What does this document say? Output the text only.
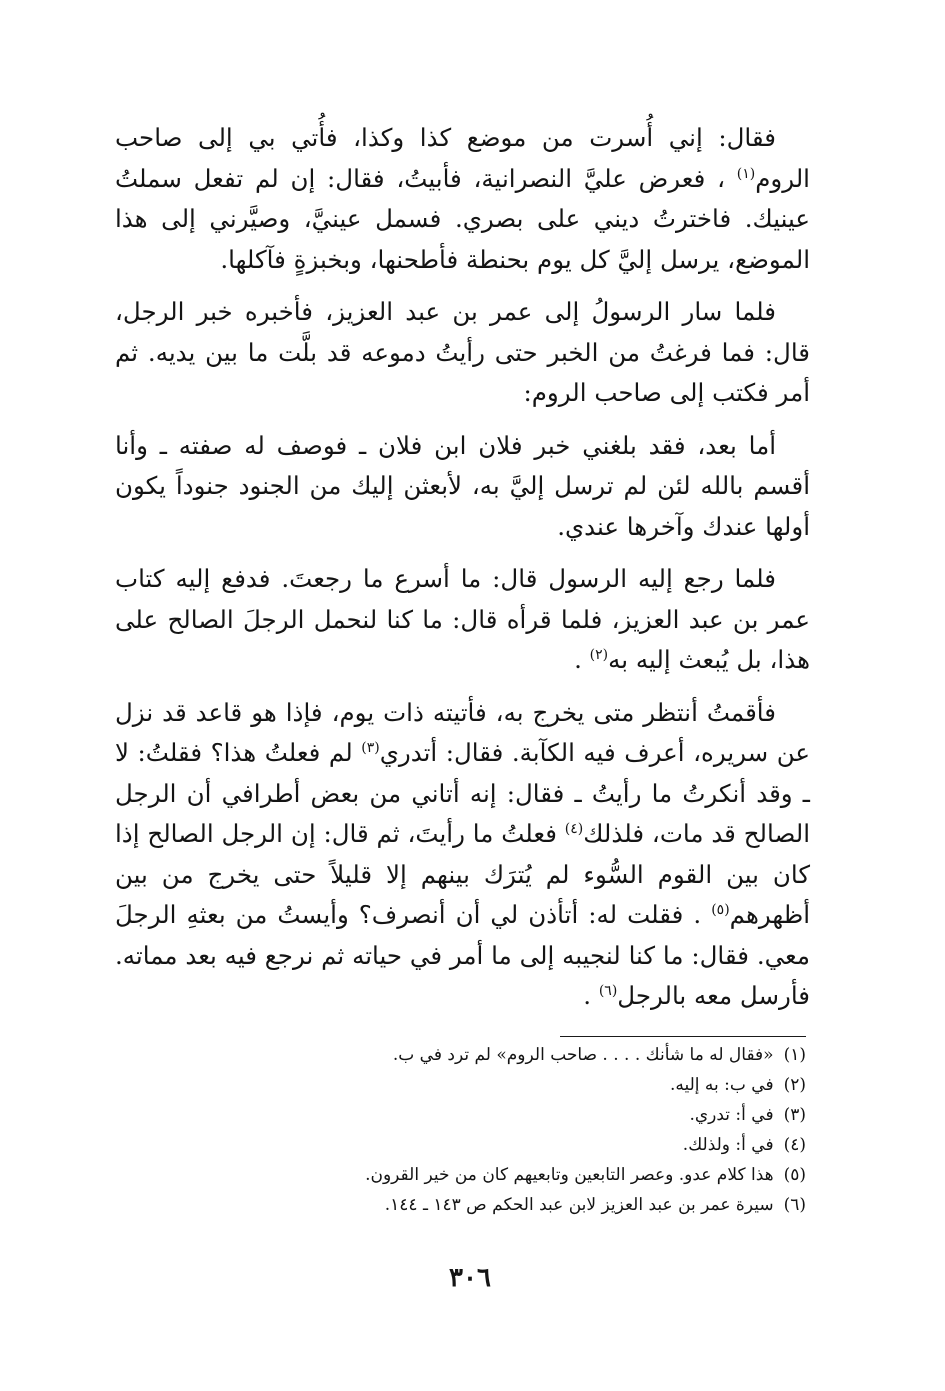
فقال: إني أُسرت من موضع كذا وكذا، فأُتي بي إلى صاحب الروم$^{(١)}$ ، فعرض عليَّ النصرانية، فأبيتُ، فقال: إن لم تفعل سملتُ عينيك. فاخترتُ ديني على بصري. فسمل عينيَّ، وصيَّرني إلى هذا الموضع، يرسل إليَّ كل يوم بحنطة فأطحنها، وبخبزةٍ فآكلها.

فلما سار الرسولُ إلى عمر بن عبد العزيز، فأخبره خبر الرجل، قال: فما فرغتُ من الخبر حتى رأيتُ دموعه قد بلَّت ما بين يديه. ثم أمر فكتب إلى صاحب الروم:

أما بعد، فقد بلغني خبر فلان ابن فلان ـ فوصف له صفته ـ وأنا أقسم بالله لئن لم ترسل إليَّ به، لأبعثن إليك من الجنود جنوداً يكون أولها عندك وآخرها عندي.

فلما رجع إليه الرسول قال: ما أسرع ما رجعتَ. فدفع إليه كتاب عمر بن عبد العزيز، فلما قرأه قال: ما كنا لنحمل الرجلَ الصالح على هذا، بل يُبعث إليه به$^{(٢)}$ .

فأقمتُ أنتظر متى يخرج به، فأتيته ذات يوم، فإذا هو قاعد قد نزل عن سريره، أعرف فيه الكآبة. فقال: أتدري$^{(٣)}$ لم فعلتُ هذا؟ فقلتُ: لا ـ وقد أنكرتُ ما رأيتُ ـ فقال: إنه أتاني من بعض أطرافي أن الرجل الصالح قد مات، فلذلك$^{(٤)}$ فعلتُ ما رأيتَ، ثم قال: إن الرجل الصالح إذا كان بين القوم السُّوء لم يُترَك بينهم إلا قليلاً حتى يخرج من بين أظهرهم$^{(٥)}$ . فقلت له: أتأذن لي أن أنصرف؟ وأيستُ من بعثهِ الرجلَ معي. فقال: ما كنا لنجيبه إلى ما أمر في حياته ثم نرجع فيه بعد مماته. فأرسل معه بالرجل$^{(٦)}$ .

(١)«فقال له ما شأنك . . . . صاحب الروم» لم ترد في ب.
(٢)في ب: به إليه.
(٣)في أ: تدري.
(٤)في أ: ولذلك.
(٥)هذا كلام عدو. وعصر التابعين وتابعيهم كان من خير القرون.
(٦)سيرة عمر بن عبد العزيز لابن عبد الحكم ص ١٤٣ ـ ١٤٤.
٣٠٦
